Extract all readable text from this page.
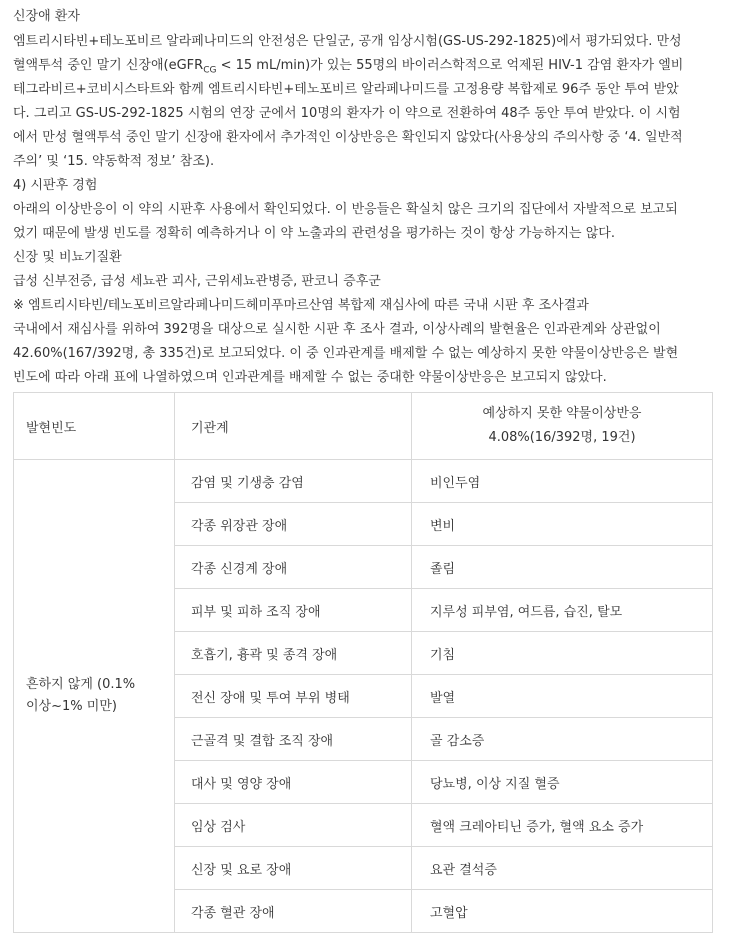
신장애 환자
엠트리시타빈+테노포비르 알라페나미드의 안전성은 단일군, 공개 임상시험(GS-US-292-1825)에서 평가되었다. 만성
혈액투석 중인 말기 신장애(eGFR$_{CG}$ < 15 mL/min)가 있는 55명의 바이러스학적으로 억제된 HIV-1 감염 환자가 엘비
테그라비르+코비시스타트와 함께 엠트리시타빈+테노포비르 알라페나미드를 고정용량 복합제로 96주 동안 투여 받았
다. 그리고 GS-US-292-1825 시험의 연장 군에서 10명의 환자가 이 약으로 전환하여 48주 동안 투여 받았다. 이 시험
에서 만성 혈액투석 중인 말기 신장애 환자에서 추가적인 이상반응은 확인되지 않았다(사용상의 주의사항 중 ‘4. 일반적
주의’ 및 ‘15. 약동학적 정보’ 참조).
4) 시판후 경험
아래의 이상반응이 이 약의 시판후 사용에서 확인되었다. 이 반응들은 확실치 않은 크기의 집단에서 자발적으로 보고되
었기 때문에 발생 빈도를 정확히 예측하거나 이 약 노출과의 관련성을 평가하는 것이 항상 가능하지는 않다.
신장 및 비뇨기질환
급성 신부전증, 급성 세뇨관 괴사, 근위세뇨관병증, 판코니 증후군
※ 엠트리시타빈/테노포비르알라페나미드헤미푸마르산염 복합제 재심사에 따른 국내 시판 후 조사결과
국내에서 재심사를 위하여 392명을 대상으로 실시한 시판 후 조사 결과, 이상사례의 발현율은 인과관계와 상관없이
42.60%(167/392명, 총 335건)로 보고되었다. 이 중 인과관계를 배제할 수 없는 예상하지 못한 약물이상반응은 발현
빈도에 따라 아래 표에 나열하였으며 인과관계를 배제할 수 없는 중대한 약물이상반응은 보고되지 않았다.
발현빈도	기관계	예상하지 못한 약물이상반응
4.08%(16/392명, 19건)

흔하지 않게 (0.1%
이상~1% 미만)	감염 및 기생충 감염	비인두염
	각종 위장관 장애	변비
	각종 신경계 장애	졸림
	피부 및 피하 조직 장애	지루성 피부염, 여드름, 습진, 탈모
	호흡기, 흉곽 및 종격 장애	기침
	전신 장애 및 투여 부위 병태	발열
	근골격 및 결합 조직 장애	골 감소증
	대사 및 영양 장애	당뇨병, 이상 지질 혈증
	임상 검사	혈액 크레아티닌 증가, 혈액 요소 증가
	신장 및 요로 장애	요관 결석증
	각종 혈관 장애	고혈압
